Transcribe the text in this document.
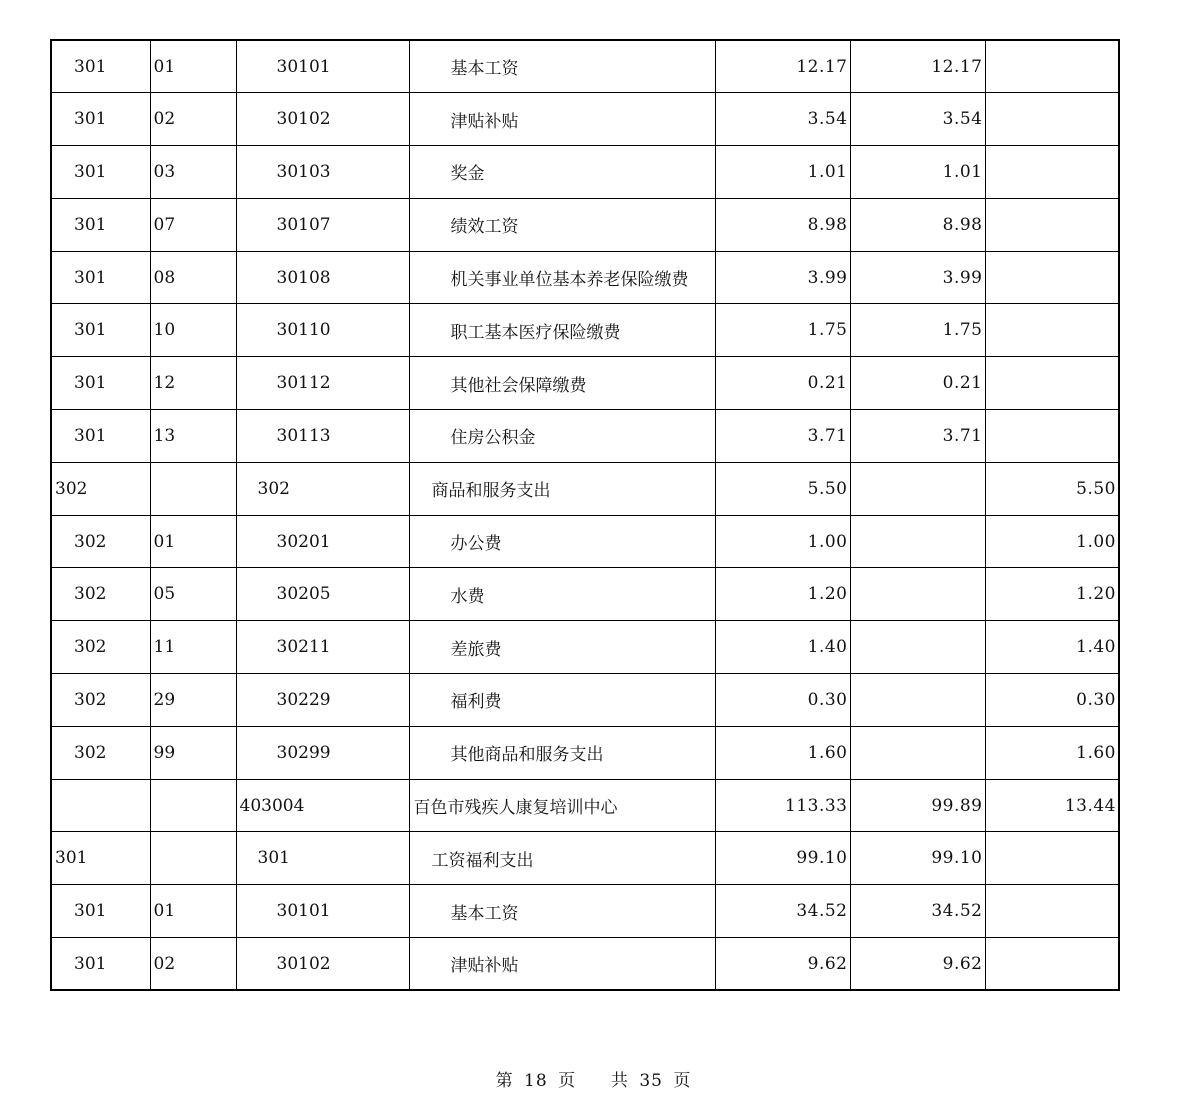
301	01	30101	基本工资	12.17	12.17	
301	02	30102	津贴补贴	3.54	3.54	
301	03	30103	奖金	1.01	1.01	
301	07	30107	绩效工资	8.98	8.98	
301	08	30108	机关事业单位基本养老保险缴费	3.99	3.99	
301	10	30110	职工基本医疗保险缴费	1.75	1.75	
301	12	30112	其他社会保障缴费	0.21	0.21	
301	13	30113	住房公积金	3.71	3.71	
302		302	商品和服务支出	5.50		5.50
302	01	30201	办公费	1.00		1.00
302	05	30205	水费	1.20		1.20
302	11	30211	差旅费	1.40		1.40
302	29	30229	福利费	0.30		0.30
302	99	30299	其他商品和服务支出	1.60		1.60
		403004	百色市残疾人康复培训中心	113.33	99.89	13.44
301		301	工资福利支出	99.10	99.10	
301	01	30101	基本工资	34.52	34.52	
301	02	30102	津贴补贴	9.62	9.62	
第 18 页 共 35 页
